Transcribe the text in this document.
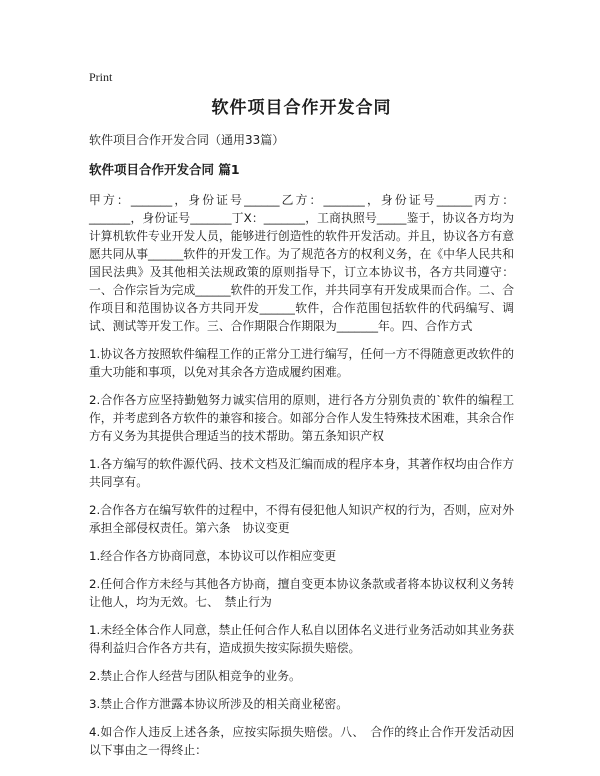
Print
软件项目合作开发合同
软件项目合作开发合同（通用33篇）
软件项目合作开发合同 篇1
甲方：_______，身份证号______乙方：_______，身份证号______丙方：_______，身份证号_______丁X：_______，工商执照号_____鉴于，协议各方均为计算机软件专业开发人员，能够进行创造性的软件开发活动。并且，协议各方有意愿共同从事______软件的开发工作。为了规范各方的权利义务，在《中华人民共和国民法典》及其他相关法规政策的原则指导下，订立本协议书，各方共同遵守：一、合作宗旨为完成______软件的开发工作，并共同享有开发成果而合作。二、合作项目和范围协议各方共同开发______软件，合作范围包括软件的代码编写、调试、测试等开发工作。三、合作期限合作期限为_______年。四、合作方式
1.协议各方按照软件编程工作的正常分工进行编写，任何一方不得随意更改软件的重大功能和事项，以免对其余各方造成履约困难。
2.合作各方应坚持勤勉努力诚实信用的原则，进行各方分别负责的`软件的编程工作，并考虑到各方软件的兼容和接合。如部分合作人发生特殊技术困难，其余合作方有义务为其提供合理适当的技术帮助。第五条知识产权
1.各方编写的软件源代码、技术文档及汇编而成的程序本身，其著作权均由合作方共同享有。
2.合作各方在编写软件的过程中，不得有侵犯他人知识产权的行为，否则，应对外承担全部侵权责任。第六条　协议变更
1.经合作各方协商同意，本协议可以作相应变更
2.任何合作方未经与其他各方协商，擅自变更本协议条款或者将本协议权利义务转让他人，均为无效。七、　禁止行为
1.未经全体合作人同意，禁止任何合作人私自以团体名义进行业务活动如其业务获得利益归合作各方共有，造成损失按实际损失赔偿。
2.禁止合作人经营与团队相竞争的业务。
3.禁止合作方泄露本协议所涉及的相关商业秘密。
4.如合作人违反上述各条，应按实际损失赔偿。八、　合作的终止合作开发活动因以下事由之一得终止：
